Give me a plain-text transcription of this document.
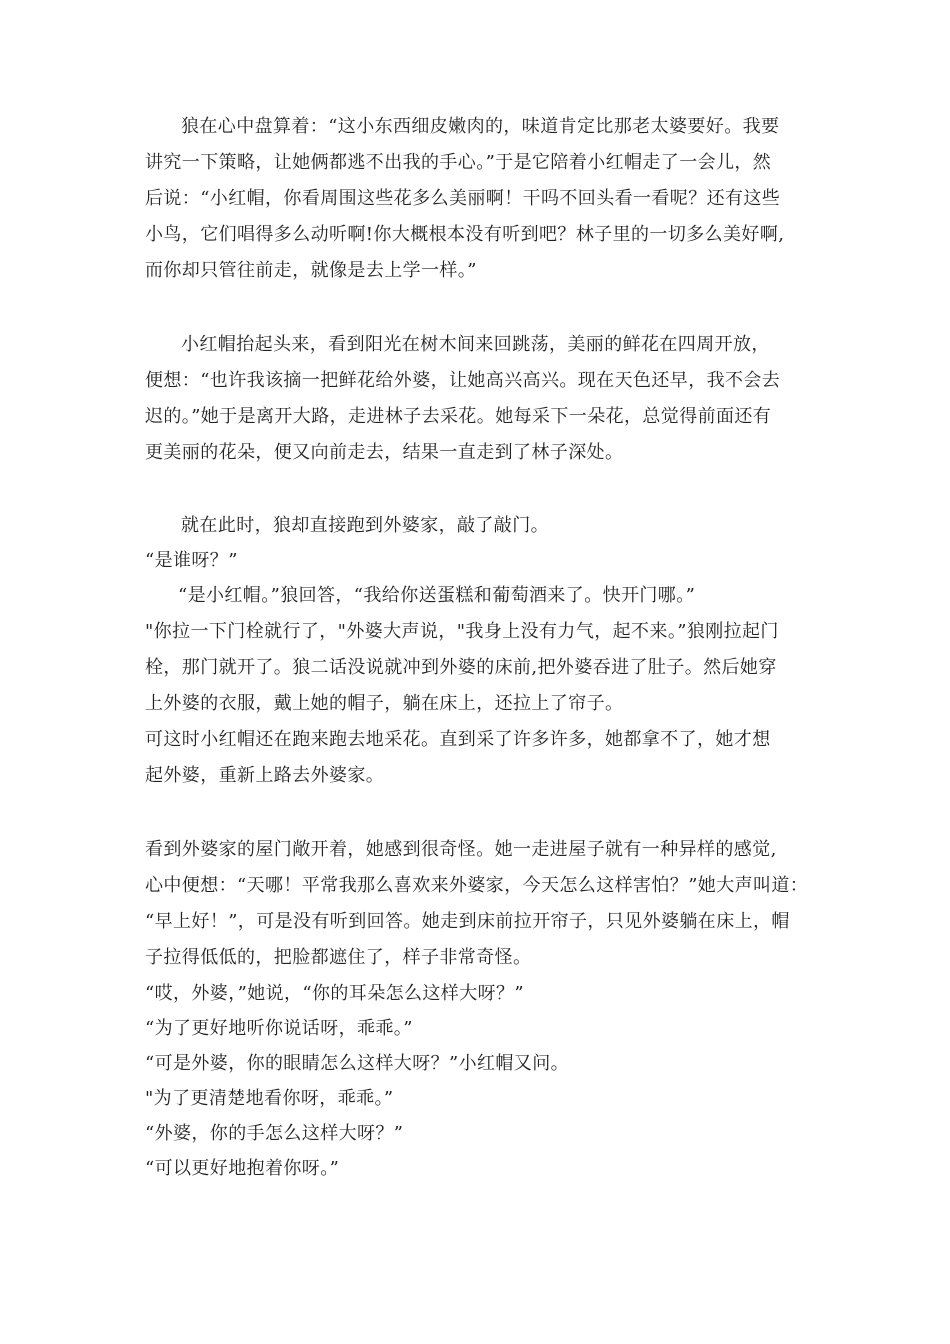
狼在心中盘算着：“这小东西细皮嫩肉的，味道肯定比那老太婆要好。我要
讲究一下策略，让她俩都逃不出我的手心。”于是它陪着小红帽走了一会儿，然
后说：“小红帽，你看周围这些花多么美丽啊！干吗不回头看一看呢？还有这些
小鸟，它们唱得多么动听啊!你大概根本没有听到吧？林子里的一切多么美好啊,
而你却只管往前走，就像是去上学一样。”
小红帽抬起头来，看到阳光在树木间来回跳荡，美丽的鲜花在四周开放，
便想：“也许我该摘一把鲜花给外婆，让她高兴高兴。现在天色还早，我不会去
迟的。”她于是离开大路，走进林子去采花。她每采下一朵花，总觉得前面还有
更美丽的花朵，便又向前走去，结果一直走到了林子深处。
就在此时，狼却直接跑到外婆家，敲了敲门。
“是谁呀？”
“是小红帽。”狼回答，“我给你送蛋糕和葡萄酒来了。快开门哪。”
"你拉一下门栓就行了，"外婆大声说，"我身上没有力气，起不来。”狼刚拉起门
栓，那门就开了。狼二话没说就冲到外婆的床前,把外婆吞进了肚子。然后她穿
上外婆的衣服，戴上她的帽子，躺在床上，还拉上了帘子。
可这时小红帽还在跑来跑去地采花。直到采了许多许多，她都拿不了，她才想
起外婆，重新上路去外婆家。
看到外婆家的屋门敞开着，她感到很奇怪。她一走进屋子就有一种异样的感觉,
心中便想：“天哪！平常我那么喜欢来外婆家，今天怎么这样害怕？”她大声叫道：
“早上好！”，可是没有听到回答。她走到床前拉开帘子，只见外婆躺在床上，帽
子拉得低低的，把脸都遮住了，样子非常奇怪。
“哎，外婆，”她说，“你的耳朵怎么这样大呀？”
“为了更好地听你说话呀，乖乖。”
“可是外婆，你的眼睛怎么这样大呀？”小红帽又问。
"为了更清楚地看你呀，乖乖。”
“外婆，你的手怎么这样大呀？”
“可以更好地抱着你呀。”
